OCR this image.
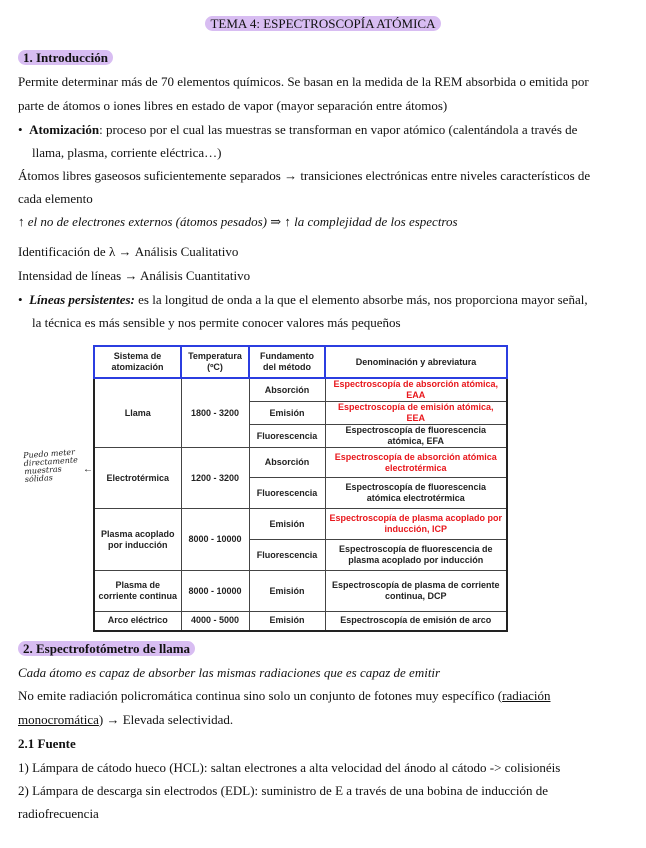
TEMA 4: ESPECTROSCOPÍA ATÓMICA
1. Introducción
Permite determinar más de 70 elementos químicos. Se basan en la medida de la REM absorbida o emitida por
parte de átomos o iones libres en estado de vapor (mayor separación entre átomos)
•  Atomización: proceso por el cual las muestras se transforman en vapor atómico (calentándola a través de
llama, plasma, corriente eléctrica…)
Átomos libres gaseosos suficientemente separados → transiciones electrónicas entre niveles característicos de
cada elemento
↑ el no de electrones externos (átomos pesados) ⇒ ↑ la complejidad de los espectros
Identificación de λ → Análisis Cualitativo
Intensidad de líneas → Análisis Cuantitativo
•  Líneas persistentes: es la longitud de onda a la que el elemento absorbe más, nos proporciona mayor señal,
la técnica es más sensible y nos permite conocer valores más pequeños
Sistema de atomización	Temperatura (ºC)	Fundamento del método	Denominación y abreviatura
Llama	1800 - 3200	Absorción	Espectroscopía de absorción atómica, EAA
		Emisión	Espectroscopía de emisión atómica, EEA
		Fluorescencia	Espectroscopía de fluorescencia atómica, EFA
Electrotérmica	1200 - 3200	Absorción	Espectroscopía de absorción atómica electrotérmica
		Fluorescencia	Espectroscopía de fluorescencia atómica electrotérmica
Plasma acoplado por inducción	8000 - 10000	Emisión	Espectroscopía de plasma acoplado por inducción, ICP
		Fluorescencia	Espectroscopía de fluorescencia de plasma acoplado por inducción
Plasma de corriente continua	8000 - 10000	Emisión	Espectroscopía de plasma de corriente continua, DCP
Arco eléctrico	4000 - 5000	Emisión	Espectroscopía de emisión de arco
Puedo meter directamente muestras sólidas
←
2. Espectrofotómetro de llama
Cada átomo es capaz de absorber las mismas radiaciones que es capaz de emitir
No emite radiación policromática continua sino solo un conjunto de fotones muy específico (radiación
monocromática) → Elevada selectividad.
2.1 Fuente
1) Lámpara de cátodo hueco (HCL): saltan electrones a alta velocidad del ánodo al cátodo -> colisionéis
2) Lámpara de descarga sin electrodos (EDL): suministro de E a través de una bobina de inducción de
radiofrecuencia
